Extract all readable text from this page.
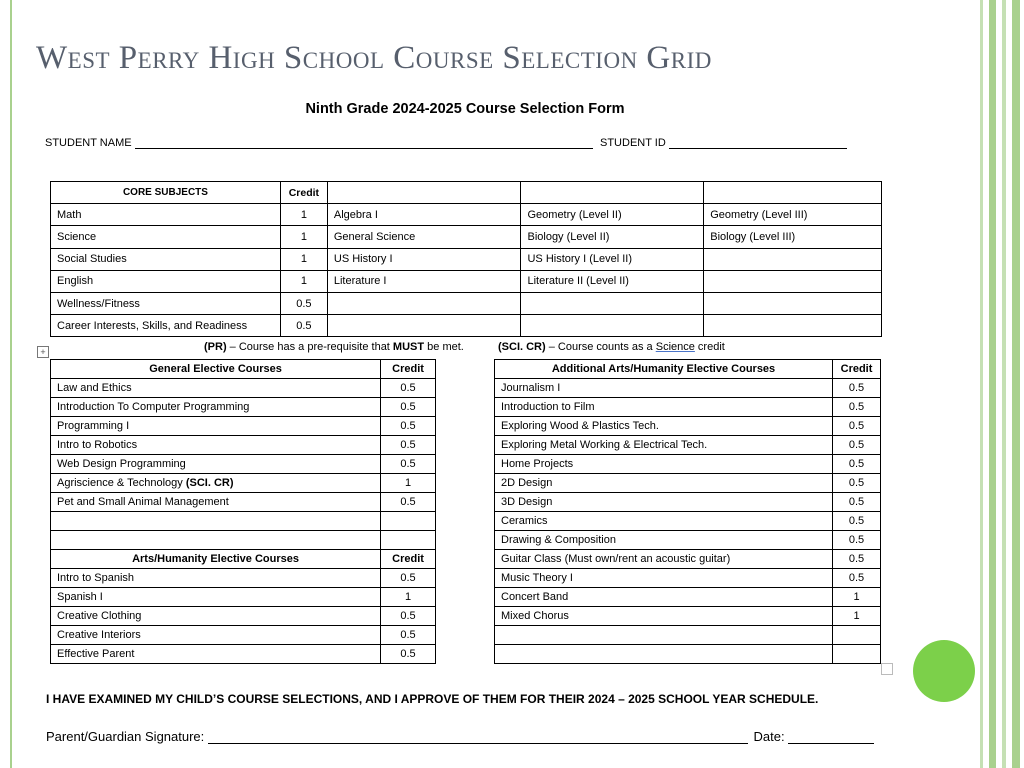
West Perry High School Course Selection Grid
Ninth Grade 2024-2025 Course Selection Form
STUDENT NAME	STUDENT ID
CORE SUBJECTS	Credit			
Math	1	Algebra I	Geometry (Level II)	Geometry (Level III)
Science	1	General Science	Biology (Level II)	Biology (Level III)
Social Studies	1	US History I	US History I (Level II)	
English	1	Literature I	Literature II (Level II)	
Wellness/Fitness	0.5			
Career Interests, Skills, and Readiness	0.5			
+	(PR) – Course has a pre-requisite that MUST be met.	(SCI. CR) – Course counts as a Science credit
General Elective Courses	Credit
Law and Ethics	0.5
Introduction To Computer Programming	0.5
Programming I	0.5
Intro to Robotics	0.5
Web Design Programming	0.5
Agriscience & Technology (SCI. CR)	1
Pet and Small Animal Management	0.5

Arts/Humanity Elective Courses	Credit
Intro to Spanish	0.5
Spanish I	1
Creative Clothing	0.5
Creative Interiors	0.5
Effective Parent	0.5
Additional Arts/Humanity Elective Courses	Credit
Journalism I	0.5
Introduction to Film	0.5
Exploring Wood & Plastics Tech.	0.5
Exploring Metal Working & Electrical Tech.	0.5
Home Projects	0.5
2D Design	0.5
3D Design	0.5
Ceramics	0.5
Drawing & Composition	0.5
Guitar Class (Must own/rent an acoustic guitar)	0.5
Music Theory I	0.5
Concert Band	1
Mixed Chorus	1

I HAVE EXAMINED MY CHILD’S COURSE SELECTIONS, AND I APPROVE OF THEM FOR THEIR 2024 – 2025 SCHOOL YEAR SCHEDULE.
Parent/Guardian Signature:	Date:
